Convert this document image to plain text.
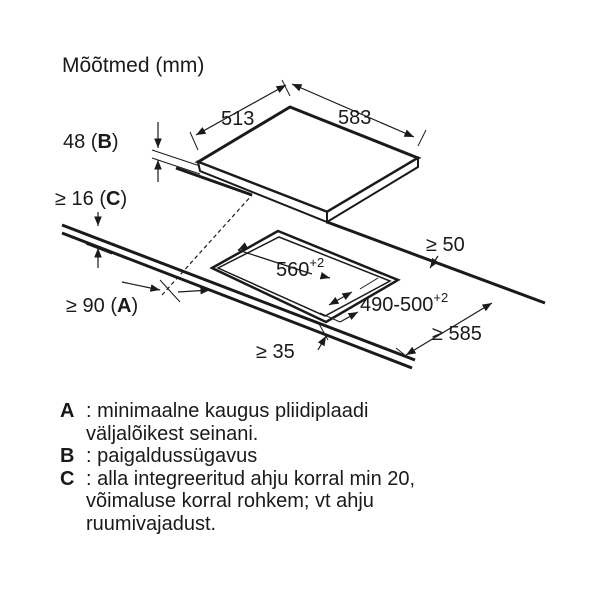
Mõõtmed (mm)
513	583
48 (B)
≥ 16 (C)
≥ 50
$560^{+2}$
$490-500^{+2}$
≥ 90 (A)
≥ 35
≥ 585
A : minimaalne kaugus pliidiplaadi
väljalõikest seinani.
B : paigaldussügavus
C : alla integreeritud ahju korral min 20,
võimaluse korral rohkem; vt ahju
ruumivajadust.
